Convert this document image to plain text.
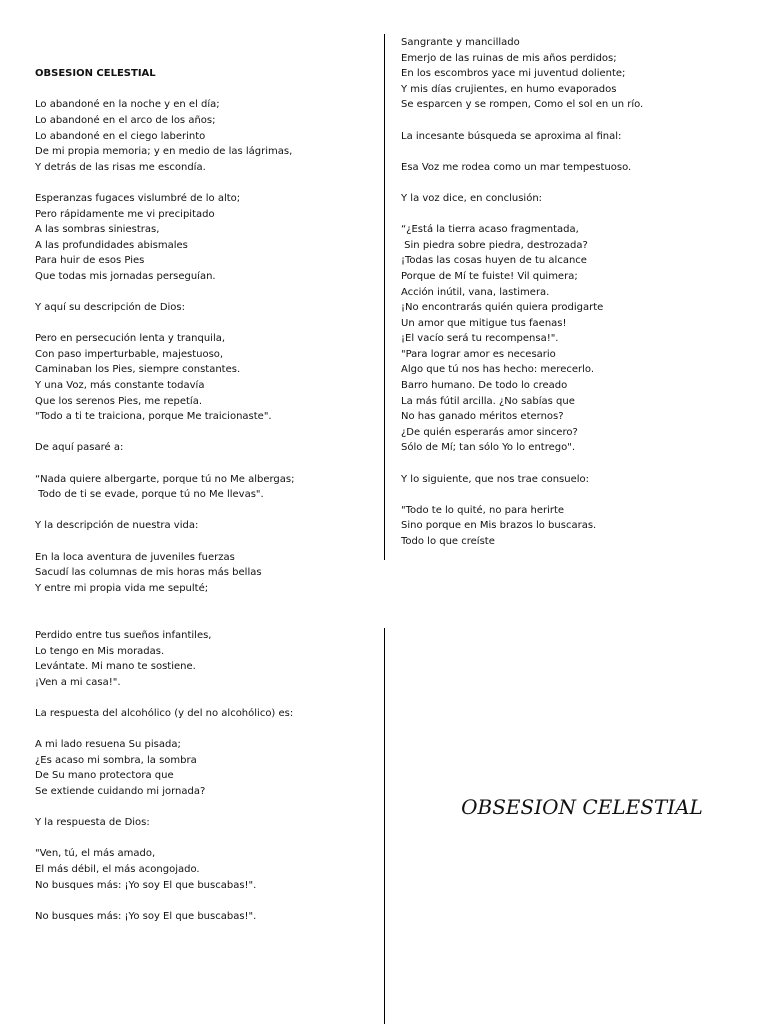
OBSESION CELESTIAL

Lo abandoné en la noche y en el día;
Lo abandoné en el arco de los años;
Lo abandoné en el ciego laberinto
De mi propia memoria; y en medio de las lágrimas,
Y detrás de las risas me escondía.
Esperanzas fugaces vislumbré de lo alto;
Pero rápidamente me vi precipitado
A las sombras siniestras,
A las profundidades abismales
Para huir de esos Pies
Que todas mis jornadas perseguían.
Y aquí su descripción de Dios:
Pero en persecución lenta y tranquila,
Con paso imperturbable, majestuoso,
Caminaban los Pies, siempre constantes.
Y una Voz, más constante todavía
Que los serenos Pies, me repetía.
"Todo a ti te traiciona, porque Me traicionaste".
De aquí pasaré a:
“Nada quiere albergarte, porque tú no Me albergas;
Todo de ti se evade, porque tú no Me llevas".
Y la descripción de nuestra vida:
En la loca aventura de juveniles fuerzas
Sacudí las columnas de mis horas más bellas
Y entre mi propia vida me sepulté;
Sangrante y mancillado
Emerjo de las ruinas de mis años perdidos;
En los escombros yace mi juventud doliente;
Y mis días crujientes, en humo evaporados
Se esparcen y se rompen, Como el sol en un río.
La incesante búsqueda se aproxima al final:
Esa Voz me rodea como un mar tempestuoso.
Y la voz dice, en conclusión:
“¿Está la tierra acaso fragmentada,
Sin piedra sobre piedra, destrozada?
¡Todas las cosas huyen de tu alcance
Porque de Mí te fuiste! Vil quimera;
Acción inútil, vana, lastimera.
¡No encontrarás quién quiera prodigarte
Un amor que mitigue tus faenas!
¡El vacío será tu recompensa!".
"Para lograr amor es necesario
Algo que tú nos has hecho: merecerlo.
Barro humano. De todo lo creado
La más fútil arcilla. ¿No sabías que
No has ganado méritos eternos?
¿De quién esperarás amor sincero?
Sólo de Mí; tan sólo Yo lo entrego".
Y lo siguiente, que nos trae consuelo:
"Todo te lo quité, no para herirte
Sino porque en Mis brazos lo buscaras.
Todo lo que creíste
Perdido entre tus sueños infantiles,
Lo tengo en Mis moradas.
Levántate. Mi mano te sostiene.
¡Ven a mi casa!".
La respuesta del alcohólico (y del no alcohólico) es:
A mi lado resuena Su pisada;
¿Es acaso mi sombra, la sombra
De Su mano protectora que
Se extiende cuidando mi jornada?
Y la respuesta de Dios:
"Ven, tú, el más amado,
El más débil, el más acongojado.
No busques más: ¡Yo soy El que buscabas!".
No busques más: ¡Yo soy El que buscabas!".
OBSESION CELESTIAL
